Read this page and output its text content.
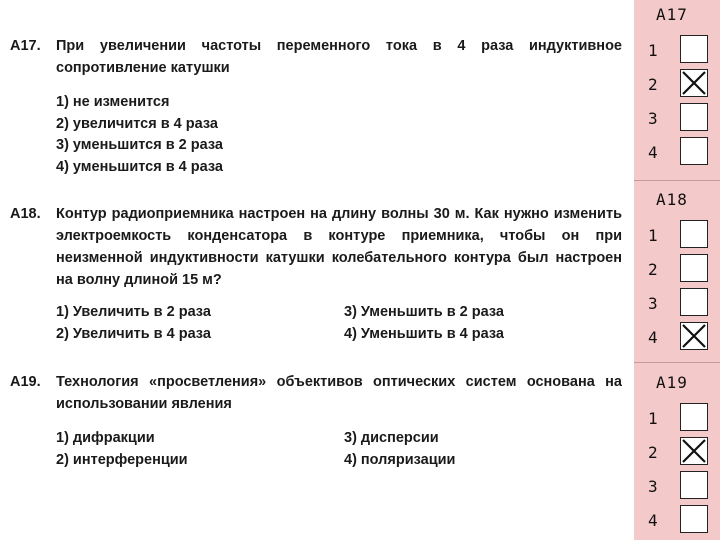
A17.	При увеличении частоты переменного тока в 4 раза индуктивное сопротивление катушки
1) не изменится
2) увеличится в 4 раза
3) уменьшится в 2 раза
4) уменьшится в 4 раза
A18.	Контур радиоприемника настроен на длину волны 30 м. Как нужно изменить электроемкость конденсатора в контуре приемника, чтобы он при неизменной индуктивности катушки колебательного контура был настроен на волну длиной 15 м?
1) Увеличить в 2 раза	3) Уменьшить в 2 раза
2) Увеличить в 4 раза	4) Уменьшить в 4 раза
A19.	Технология «просветления» объективов оптических систем основана на использовании явления
1) дифракции	3) дисперсии
2) интерференции	4) поляризации
A17
1
2
3
4
A18
1
2
3
4
A19
1
2
3
4
